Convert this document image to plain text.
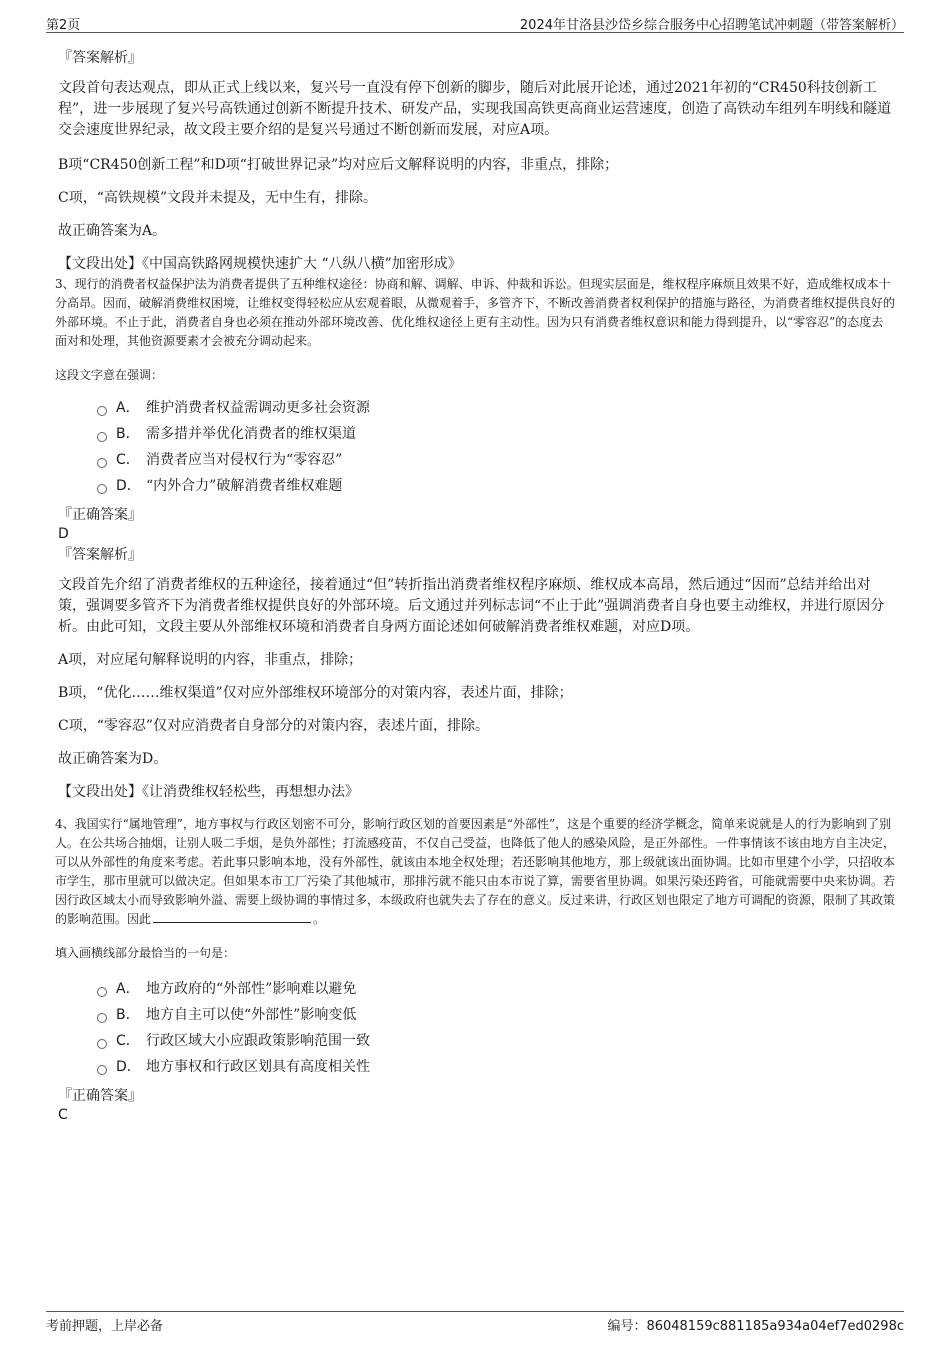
第2页	2024年甘洛县沙岱乡综合服务中心招聘笔试冲刺题（带答案解析）

『答案解析』

文段首句表达观点，即从正式上线以来，复兴号一直没有停下创新的脚步，随后对此展开论述，通过2021年初的“CR450科技创新工程”，进一步展现了复兴号高铁通过创新不断提升技术、研发产品，实现我国高铁更高商业运营速度，创造了高铁动车组列车明线和隧道交会速度世界纪录，故文段主要介绍的是复兴号通过不断创新而发展，对应A项。

B项“CR450创新工程”和D项“打破世界记录”均对应后文解释说明的内容，非重点，排除；

C项，“高铁规模”文段并未提及，无中生有，排除。

故正确答案为A。

【文段出处】《中国高铁路网规模快速扩大 “八纵八横”加密形成》

3、现行的消费者权益保护法为消费者提供了五种维权途径：协商和解、调解、申诉、仲裁和诉讼。但现实层面是，维权程序麻烦且效果不好，造成维权成本十分高昂。因而，破解消费维权困境，让维权变得轻松应从宏观着眼，从微观着手，多管齐下，不断改善消费者权利保护的措施与路径，为消费者维权提供良好的外部环境。不止于此，消费者自身也必须在推动外部环境改善、优化维权途径上更有主动性。因为只有消费者维权意识和能力得到提升，以“零容忍”的态度去面对和处理，其他资源要素才会被充分调动起来。

这段文字意在强调：

A． 维护消费者权益需调动更多社会资源
B． 需多措并举优化消费者的维权渠道
C． 消费者应当对侵权行为“零容忍”
D． “内外合力”破解消费者维权难题

『正确答案』

D

『答案解析』

文段首先介绍了消费者维权的五种途径，接着通过“但”转折指出消费者维权程序麻烦、维权成本高昂，然后通过“因而”总结并给出对策，强调要多管齐下为消费者维权提供良好的外部环境。后文通过并列标志词“不止于此”强调消费者自身也要主动维权，并进行原因分析。由此可知，文段主要从外部维权环境和消费者自身两方面论述如何破解消费者维权难题，对应D项。

A项，对应尾句解释说明的内容，非重点，排除；

B项，“优化……维权渠道”仅对应外部维权环境部分的对策内容，表述片面，排除；

C项，“零容忍”仅对应消费者自身部分的对策内容，表述片面，排除。

故正确答案为D。

【文段出处】《让消费维权轻松些，再想想办法》

4、我国实行“属地管理”，地方事权与行政区划密不可分，影响行政区划的首要因素是“外部性”，这是个重要的经济学概念，简单来说就是人的行为影响到了别人。在公共场合抽烟，让别人吸二手烟，是负外部性；打流感疫苗，不仅自己受益，也降低了他人的感染风险，是正外部性。一件事情该不该由地方自主决定，可以从外部性的角度来考虑。若此事只影响本地，没有外部性，就该由本地全权处理；若还影响其他地方，那上级就该出面协调。比如市里建个小学，只招收本市学生，那市里就可以做决定。但如果本市工厂污染了其他城市，那排污就不能只由本市说了算，需要省里协调。如果污染还跨省，可能就需要中央来协调。若因行政区域太小而导致影响外溢、需要上级协调的事情过多，本级政府也就失去了存在的意义。反过来讲，行政区划也限定了地方可调配的资源，限制了其政策的影响范围。因此	。

填入画横线部分最恰当的一句是：

A． 地方政府的“外部性”影响难以避免
B． 地方自主可以使“外部性”影响变低
C． 行政区域大小应跟政策影响范围一致
D． 地方事权和行政区划具有高度相关性

『正确答案』

C

考前押题，上岸必备	编号：86048159c881185a934a04ef7ed0298c
